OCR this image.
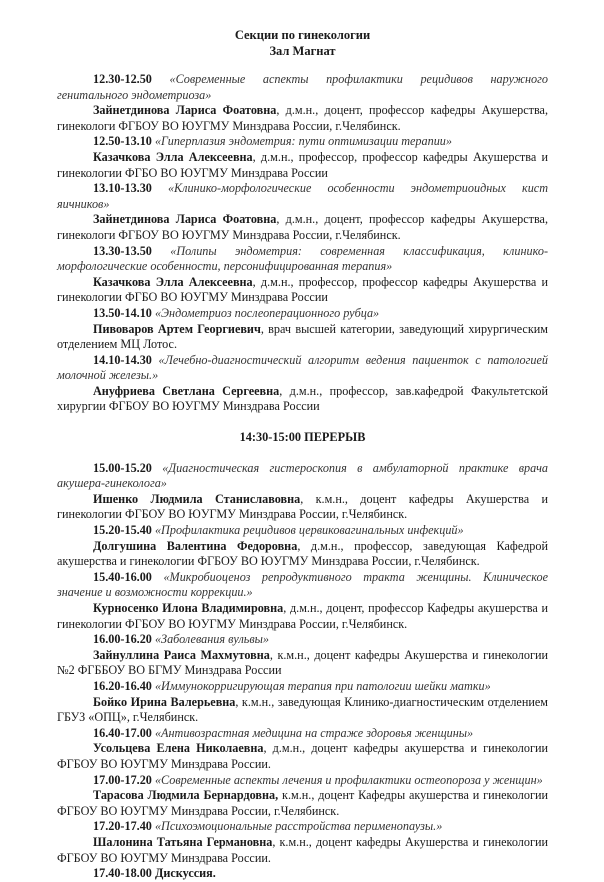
Секции по гинекологии
Зал Магнат

12.30-12.50 «Современные аспекты профилактики рецидивов наружного генитального эндометриоза»

Зайнетдинова Лариса Фоатовна, д.м.н., доцент, профессор кафедры Акушерства, гинекологи ФГБОУ ВО ЮУГМУ Минздрава России, г.Челябинск.

12.50-13.10 «Гиперплазия эндометрия: пути оптимизации терапии»

Казачкова Элла Алексеевна, д.м.н., профессор, профессор кафедры Акушерства и гинекологии ФГБО ВО ЮУГМУ Минздрава России

13.10-13.30 «Клинико-морфологические особенности эндометриоидных кист яичников»

Зайнетдинова Лариса Фоатовна, д.м.н., доцент, профессор кафедры Акушерства, гинекологи ФГБОУ ВО ЮУГМУ Минздрава России, г.Челябинск.

13.30-13.50 «Полипы эндометрия: современная классификация, клинико-морфологические особенности, персонифицированная терапия»

Казачкова Элла Алексеевна, д.м.н., профессор, профессор кафедры Акушерства и гинекологии ФГБО ВО ЮУГМУ Минздрава России

13.50-14.10 «Эндометриоз послеоперационного рубца»

Пивоваров Артем Георгиевич, врач высшей категории, заведующий хирургическим отделением МЦ Лотос.

14.10-14.30 «Лечебно-диагностический алгоритм ведения пациенток с патологией молочной железы.»

Ануфриева Светлана Сергеевна, д.м.н., профессор, зав.кафедрой Факультетской хирургии ФГБОУ ВО ЮУГМУ Минздрава России

14:30-15:00 ПЕРЕРЫВ

15.00-15.20 «Диагностическая гистероскопия в амбулаторной практике врача акушера-гинеколога»

Ишенко Людмила Станиславовна, к.м.н., доцент кафедры Акушерства и гинекологии ФГБОУ ВО ЮУГМУ Минздрава России, г.Челябинск.

15.20-15.40 «Профилактика рецидивов цервиковагинальных инфекций»

Долгушина Валентина Федоровна, д.м.н., профессор, заведующая Кафедрой акушерства и гинекологии ФГБОУ ВО ЮУГМУ Минздрава России, г.Челябинск.

15.40-16.00 «Микробиоценоз репродуктивного тракта женщины. Клиническое значение и возможности коррекции.»

Курносенко Илона Владимировна, д.м.н., доцент, профессор Кафедры акушерства и гинекологии ФГБОУ ВО ЮУГМУ Минздрава России, г.Челябинск.

16.00-16.20 «Заболевания вульвы»

Зайнуллина Раиса Махмутовна, к.м.н., доцент кафедры Акушерства и гинекологии №2 ФГББОУ ВО БГМУ Минздрава России

16.20-16.40 «Иммунокорригирующая терапия при патологии шейки матки»

Бойко Ирина Валерьевна, к.м.н., заведующая Клинико-диагностическим отделением ГБУЗ «ОПЦ», г.Челябинск.

16.40-17.00 «Антивозрастная медицина на страже здоровья женщины»

Усольцева Елена Николаевна, д.м.н., доцент кафедры акушерства и гинекологии ФГБОУ ВО ЮУГМУ Минздрава России.

17.00-17.20 «Современные аспекты лечения и профилактики остеопороза у женщин»

Тарасова Людмила Бернардовна, к.м.н., доцент Кафедры акушерства и гинекологии ФГБОУ ВО ЮУГМУ Минздрава России, г.Челябинск.

17.20-17.40 «Психоэмоциональные расстройства перименопаузы.»

Шалонина Татьяна Германовна, к.м.н., доцент кафедры Акушерства и гинекологии ФГБОУ ВО ЮУГМУ Минздрава России.

17.40-18.00 Дискуссия.
